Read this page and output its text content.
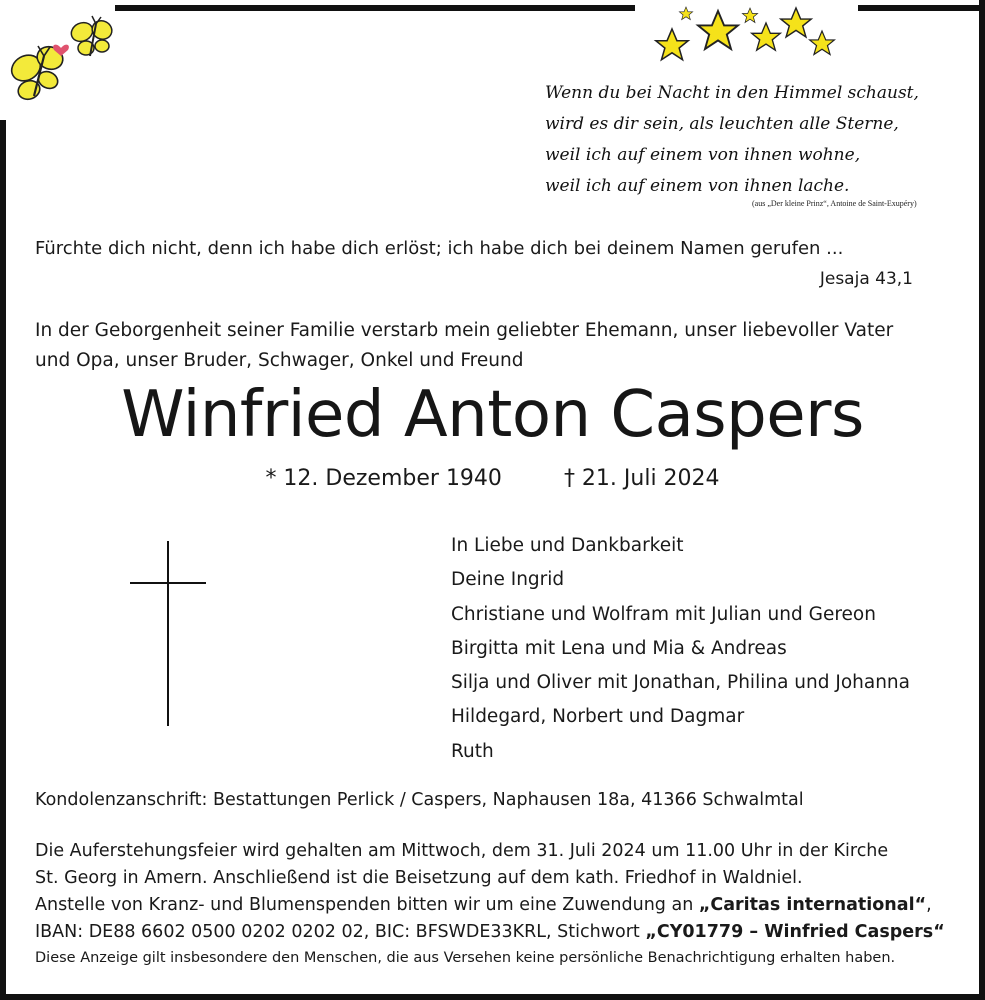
Wenn du bei Nacht in den Himmel schaust,
wird es dir sein, als leuchten alle Sterne,
weil ich auf einem von ihnen wohne,
weil ich auf einem von ihnen lache.
(aus „Der kleine Prinz“, Antoine de Saint-Exupéry)
Fürchte dich nicht, denn ich habe dich erlöst; ich habe dich bei deinem Namen gerufen ...
Jesaja 43,1
In der Geborgenheit seiner Familie verstarb mein geliebter Ehemann, unser liebevoller Vater
und Opa, unser Bruder, Schwager, Onkel und Freund
Winfried Anton Caspers
* 12. Dezember 1940	† 21. Juli 2024
In Liebe und Dankbarkeit
Deine Ingrid
Christiane und Wolfram mit Julian und Gereon
Birgitta mit Lena und Mia & Andreas
Silja und Oliver mit Jonathan, Philina und Johanna
Hildegard, Norbert und Dagmar
Ruth
Kondolenzanschrift: Bestattungen Perlick / Caspers, Naphausen 18a, 41366 Schwalmtal
Die Auferstehungsfeier wird gehalten am Mittwoch, dem 31. Juli 2024 um 11.00 Uhr in der Kirche
St. Georg in Amern. Anschließend ist die Beisetzung auf dem kath. Friedhof in Waldniel.
Anstelle von Kranz- und Blumenspenden bitten wir um eine Zuwendung an „Caritas international“,
IBAN: DE88 6602 0500 0202 0202 02, BIC: BFSWDE33KRL, Stichwort „CY01779 – Winfried Caspers“
Diese Anzeige gilt insbesondere den Menschen, die aus Versehen keine persönliche Benachrichtigung erhalten haben.
